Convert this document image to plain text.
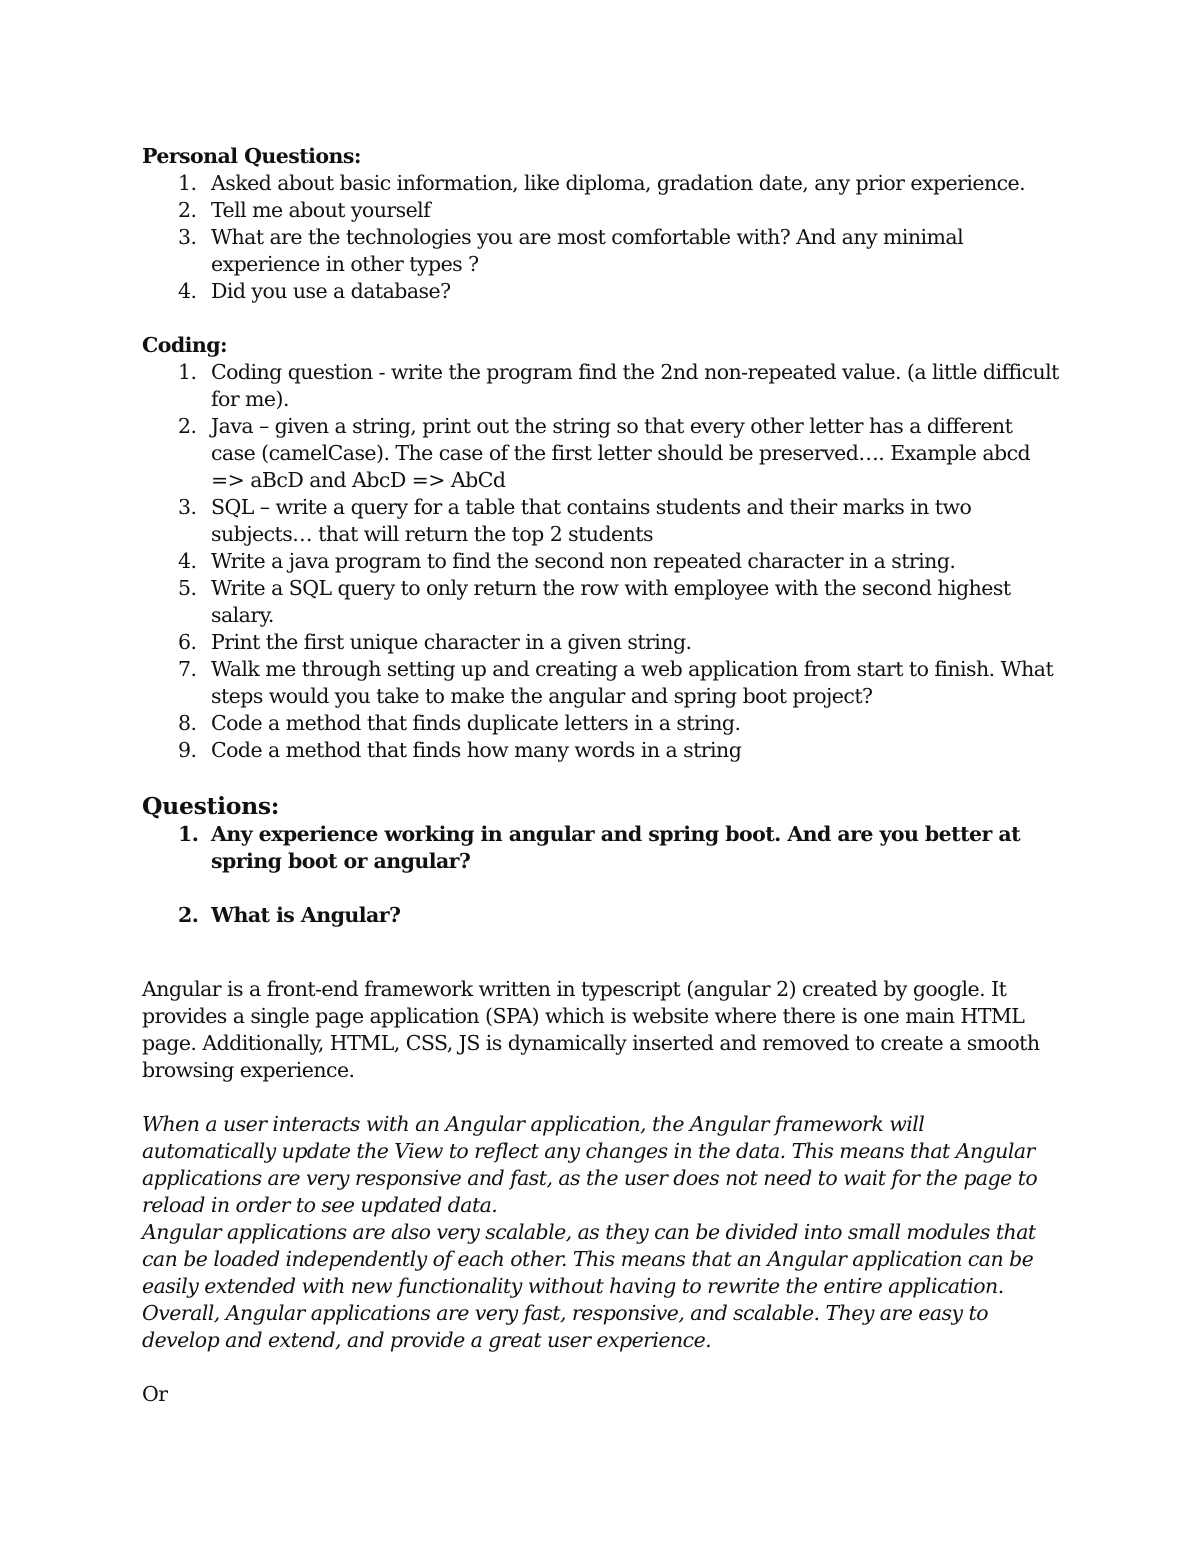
Personal Questions:

1. Asked about basic information, like diploma, gradation date, any prior experience.
2. Tell me about yourself
3. What are the technologies you are most comfortable with? And any minimal experience in other types ?
4. Did you use a database?

Coding:

1. Coding question - write the program find the 2nd non-repeated value. (a little difficult for me).
2. Java – given a string, print out the string so that every other letter has a different case (camelCase). The case of the first letter should be preserved…. Example abcd => aBcD and AbcD => AbCd
3. SQL – write a query for a table that contains students and their marks in two subjects… that will return the top 2 students
4. Write a java program to find the second non repeated character in a string.
5. Write a SQL query to only return the row with employee with the second highest salary.
6. Print the first unique character in a given string.
7. Walk me through setting up and creating a web application from start to finish. What steps would you take to make the angular and spring boot project?
8. Code a method that finds duplicate letters in a string.
9. Code a method that finds how many words in a string

Questions:

1. Any experience working in angular and spring boot. And are you better at spring boot or angular?
2. What is Angular?

Angular is a front-end framework written in typescript (angular 2) created by google. It provides a single page application (SPA) which is website where there is one main HTML page. Additionally, HTML, CSS, JS is dynamically inserted and removed to create a smooth browsing experience.

When a user interacts with an Angular application, the Angular framework will automatically update the View to reflect any changes in the data. This means that Angular applications are very responsive and fast, as the user does not need to wait for the page to reload in order to see updated data.

Angular applications are also very scalable, as they can be divided into small modules that can be loaded independently of each other. This means that an Angular application can be easily extended with new functionality without having to rewrite the entire application.

Overall, Angular applications are very fast, responsive, and scalable. They are easy to develop and extend, and provide a great user experience.

Or
